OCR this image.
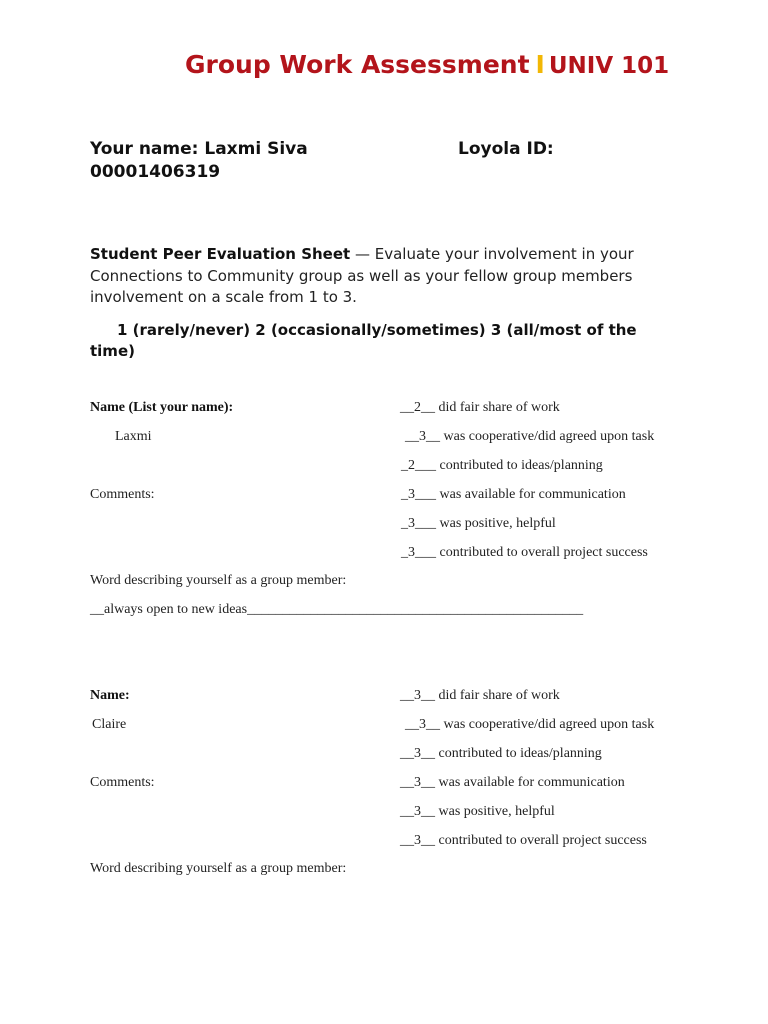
Group Work Assessment I UNIV 101
Your name: Laxmi Siva	Loyola ID:
00001406319

Student Peer Evaluation Sheet — Evaluate your involvement in your Connections to Community group as well as your fellow group members involvement on a scale from 1 to 3.

1 (rarely/never) 2 (occasionally/sometimes) 3 (all/most of the time)

Name (List your name):
Laxmi
Comments:
__2__ did fair share of work
__3__ was cooperative/did agreed upon task
_2___ contributed to ideas/planning
_3___ was available for communication
_3___ was positive, helpful
_3___ contributed to overall project success
Word describing yourself as a group member:
__always open to new ideas________________________________________________
Name:
Claire
Comments:
__3__ did fair share of work
__3__ was cooperative/did agreed upon task
__3__ contributed to ideas/planning
__3__ was available for communication
__3__ was positive, helpful
__3__ contributed to overall project success
Word describing yourself as a group member:
